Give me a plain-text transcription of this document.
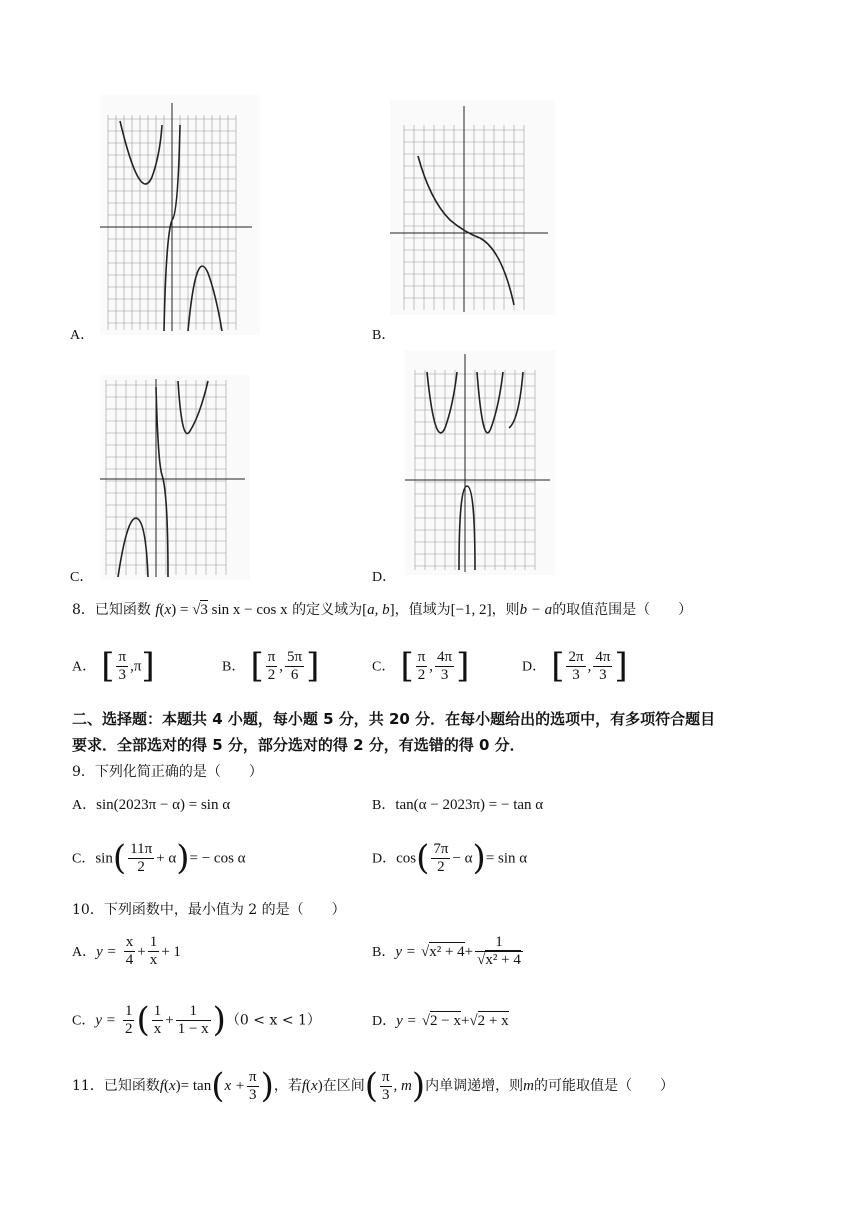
A．	B．
C．	D．
8．已知函数 f(x) = √3 sin x − cos x 的定义域为[a, b]，值域为[−1, 2]，则b − a的取值范围是（　　）
A． [ $\frac{\pi}{3} ,\pi$]	B． [ $\frac{\pi}{2}$ , $\frac{5\pi}{6}$ ]	C． [ $\frac{\pi}{2}$ , $\frac{4\pi}{3}$ ]	D． [ $\frac{2\pi}{3}$ , $\frac{4\pi}{3}$ ]
二、选择题：本题共 4 小题，每小题 5 分，共 20 分．在每小题给出的选项中，有多项符合题目
要求．全部选对的得 5 分，部分选对的得 2 分，有选错的得 0 分．
9．下列化简正确的是（　　）
A．sin(2023π − α) = sin α	B．tan(α − 2023π) = − tan α
C．$\sin( \frac{11\pi}{2} + \alpha)= - \cos \alpha$	D．$\cos( \frac{7\pi}{2} - \alpha)= \sin \alpha$
10．下列函数中，最小值为 2 的是（　　）
A．$y = \frac{x}{4} + \frac{1}{x} + 1$	B．$y = √x^2 + 4+ \frac{1}{\text{√x² + 4}}$
C．$y = \frac{1}{2}$ ( $\frac{1}{x} + \frac{1}{1 - x} )(0 < x < 1)$	D．y = √2 − x+√2 + x
11．已知函数$f(x)= \tan(x + \frac{\pi}{3}$ )，若f(x)在区间( $\frac{\pi}{3}$ , m)内单调递增，则m的可能取值是（　　）
